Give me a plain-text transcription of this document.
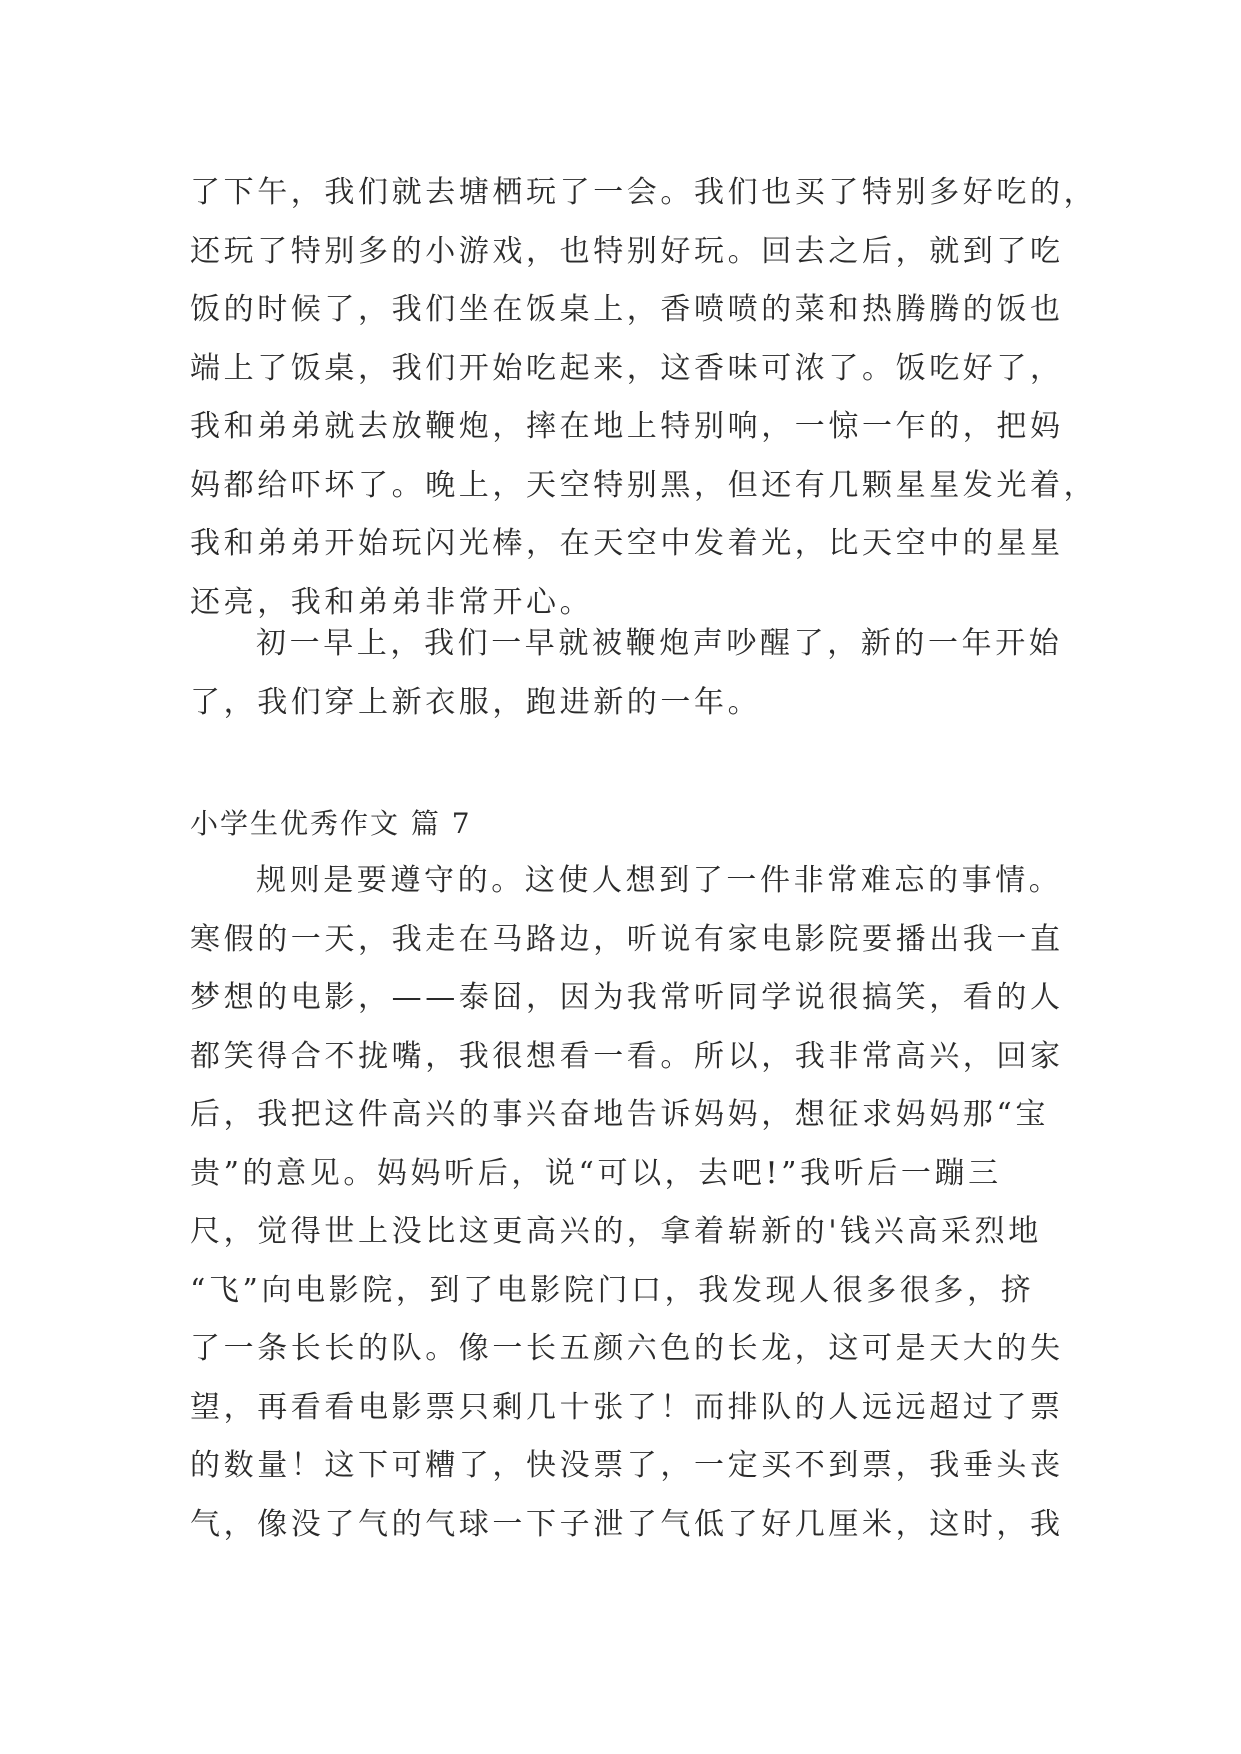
了下午，我们就去塘栖玩了一会。我们也买了特别多好吃的，
还玩了特别多的小游戏，也特别好玩。回去之后，就到了吃
饭的时候了，我们坐在饭桌上，香喷喷的菜和热腾腾的饭也
端上了饭桌，我们开始吃起来，这香味可浓了。饭吃好了，
我和弟弟就去放鞭炮，摔在地上特别响，一惊一乍的，把妈
妈都给吓坏了。晚上，天空特别黑，但还有几颗星星发光着，
我和弟弟开始玩闪光棒，在天空中发着光，比天空中的星星
还亮，我和弟弟非常开心。
初一早上，我们一早就被鞭炮声吵醒了，新的一年开始
了，我们穿上新衣服，跑进新的一年。
小学生优秀作文 篇 7
规则是要遵守的。这使人想到了一件非常难忘的事情。
寒假的一天，我走在马路边，听说有家电影院要播出我一直
梦想的电影，——泰囧，因为我常听同学说很搞笑，看的人
都笑得合不拢嘴，我很想看一看。所以，我非常高兴，回家
后，我把这件高兴的事兴奋地告诉妈妈，想征求妈妈那“宝
贵”的意见。妈妈听后，说“可以，去吧!”我听后一蹦三
尺，觉得世上没比这更高兴的，拿着崭新的'钱兴高采烈地
“飞”向电影院，到了电影院门口，我发现人很多很多，挤
了一条长长的队。像一长五颜六色的长龙，这可是天大的失
望，再看看电影票只剩几十张了！而排队的人远远超过了票
的数量！这下可糟了，快没票了，一定买不到票，我垂头丧
气，像没了气的气球一下子泄了气低了好几厘米，这时，我
